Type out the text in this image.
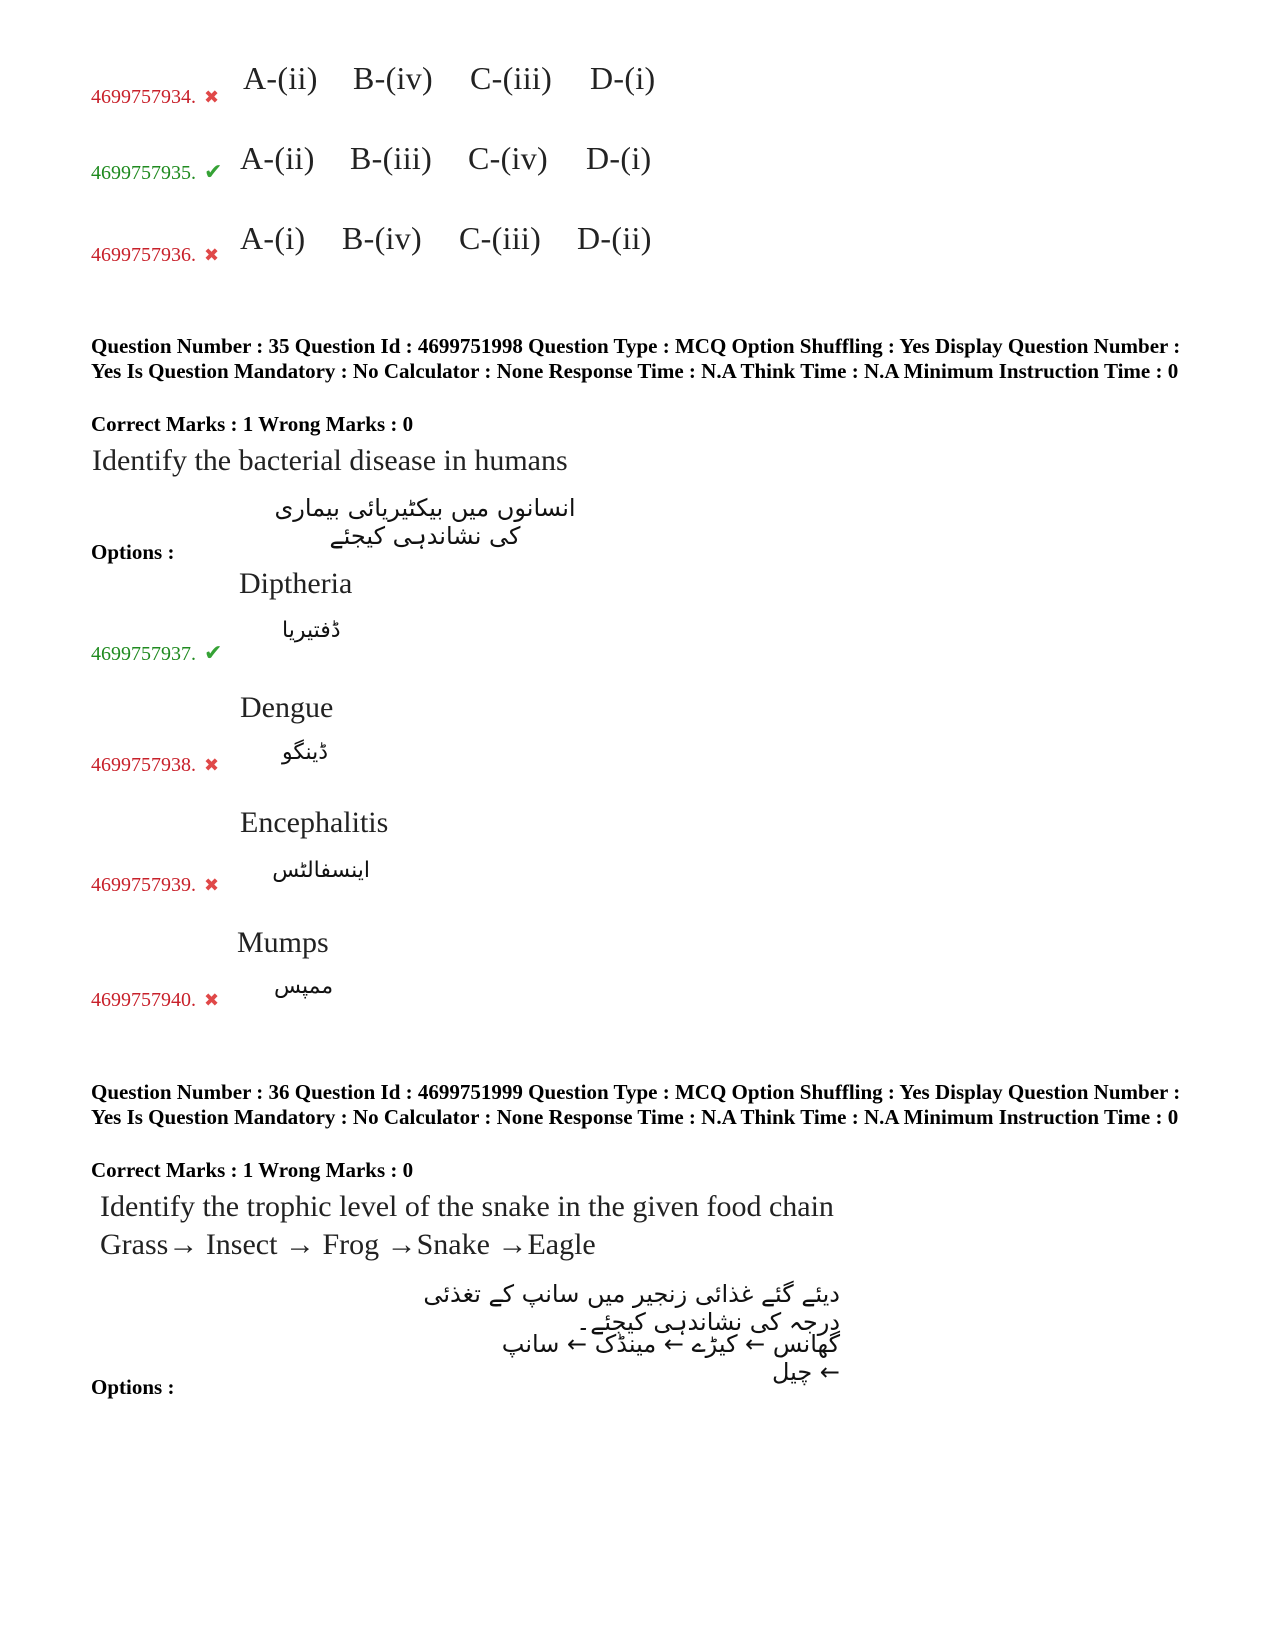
4699757934. ✖
A-(ii) B-(iv) C-(iii) D-(i)
4699757935. ✔ A-(ii) B-(iii) C-(iv) D-(i)
4699757936. ✖ A-(i) B-(iv) C-(iii) D-(ii)
Question Number : 35 Question Id : 4699751998 Question Type : MCQ Option Shuffling : Yes Display Question Number : Yes Is Question Mandatory : No Calculator : None Response Time : N.A Think Time : N.A Minimum Instruction Time : 0
Correct Marks : 1 Wrong Marks : 0
Identify the bacterial disease in humans
انسانوں میں بیکٹیریائی بیماری کی نشاندہی کیجئے
Options :
Diptheria
ڈفتیریا
4699757937. ✔
Dengue
ڈینگو
4699757938. ✖
Encephalitis
اینسفالٹس
4699757939. ✖
Mumps
ممپس
4699757940. ✖
Question Number : 36 Question Id : 4699751999 Question Type : MCQ Option Shuffling : Yes Display Question Number : Yes Is Question Mandatory : No Calculator : None Response Time : N.A Think Time : N.A Minimum Instruction Time : 0
Correct Marks : 1 Wrong Marks : 0
Identify the trophic level of the snake in the given food chain
Grass→ Insect → Frog →Snake →Eagle
دیئے گئے غذائی زنجیر میں سانپ کے تغذئی درجہ کی نشاندہی کیجئے۔
گھانس ← کیڑے ← مینڈک ← سانپ ← چیل
Options :
